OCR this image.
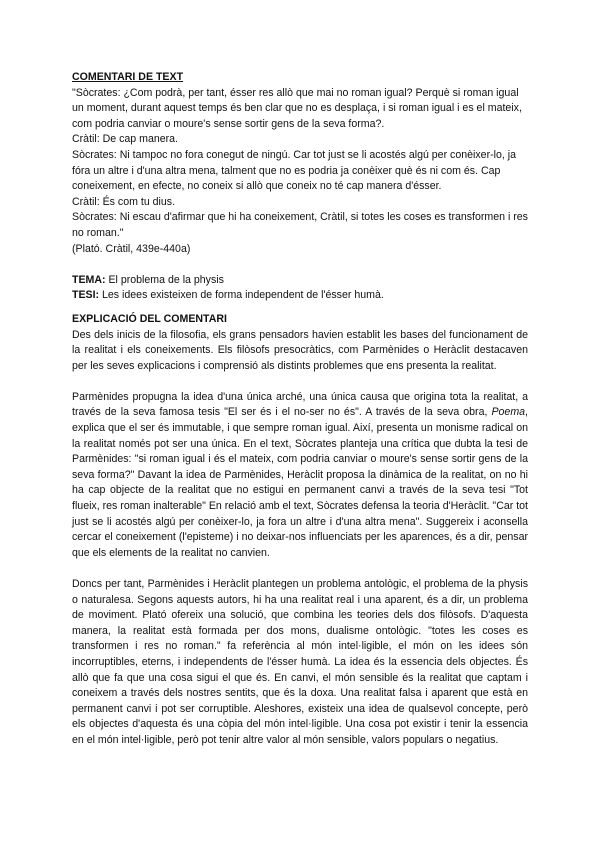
COMENTARI DE TEXT

"Sòcrates: ¿Com podrà, per tant, ésser res allò que mai no roman igual? Perquè si roman igual un moment, durant aquest temps és ben clar que no es desplaça, i si roman igual i es el mateix, com podria canviar o moure's sense sortir gens de la seva forma?.

Cràtil: De cap manera.

Sòcrates: Ni tampoc no fora conegut de ningú. Car tot just se li acostés algú per conèixer-lo, ja fóra un altre i d'una altra mena, talment que no es podria ja conèixer què és ni com és. Cap coneixement, en efecte, no coneix si allò que coneix no té cap manera d'ésser.

Cràtil: És com tu dius.

Sòcrates: Ni escau d'afirmar que hi ha coneixement, Cràtil, si totes les coses es transformen i res no roman."

(Plató. Cràtil, 439e-440a)

TEMA: El problema de la physis

TESI: Les idees existeixen de forma independent de l'ésser humà.

EXPLICACIÓ DEL COMENTARI

Des dels inicis de la filosofia, els grans pensadors havien establit les bases del funcionament de la realitat i els coneixements. Els filòsofs presocràtics, com Parmènides o Heràclit destacaven per les seves explicacions i comprensió als distints problemes que ens presenta la realitat.

Parmènides propugna la idea d'una única arché, una única causa que origina tota la realitat, a través de la seva famosa tesis "El ser és i el no-ser no és". A través de la seva obra, Poema, explica que el ser és immutable, i que sempre roman igual. Així, presenta un monisme radical on la realitat només pot ser una única. En el text, Sòcrates planteja una crítica que dubta la tesi de Parmènides: "si roman igual i és el mateix, com podria canviar o moure's sense sortir gens de la seva forma?" Davant la idea de Parmènides, Heràclit proposa la dinàmica de la realitat, on no hi ha cap objecte de la realitat que no estigui en permanent canvi a través de la seva tesi "Tot flueix, res roman inalterable" En relació amb el text, Sòcrates defensa la teoria d'Heràclit. "Car tot just se li acostés algú per conèixer-lo, ja fora un altre i d'una altra mena". Suggereix i aconsella cercar el coneixement (l'episteme) i no deixar-nos influenciats per les aparences, és a dir, pensar que els elements de la realitat no canvien.

Doncs per tant, Parmènides i Heràclit plantegen un problema antològic, el problema de la physis o naturalesa. Segons aquests autors, hi ha una realitat real i una aparent, és a dir, un problema de moviment. Plató ofereix una solució, que combina les teories dels dos filòsofs. D'aquesta manera, la realitat està formada per dos mons, dualisme ontològic. "totes les coses es transformen i res no roman." fa referència al món intel·ligible, el món on les idees són incorruptibles, eterns, i independents de l'ésser humà. La idea és la essencia dels objectes. És allò que fa que una cosa sigui el que és. En canvi, el món sensible és la realitat que captam i coneixem a través dels nostres sentits, que és la doxa. Una realitat falsa i aparent que està en permanent canvi i pot ser corruptible. Aleshores, existeix una idea de qualsevol concepte, però els objectes d'aquesta és una còpia del món intel·ligible. Una cosa pot existir i tenir la essencia en el món intel·ligible, però pot tenir altre valor al món sensible, valors populars o negatius.
